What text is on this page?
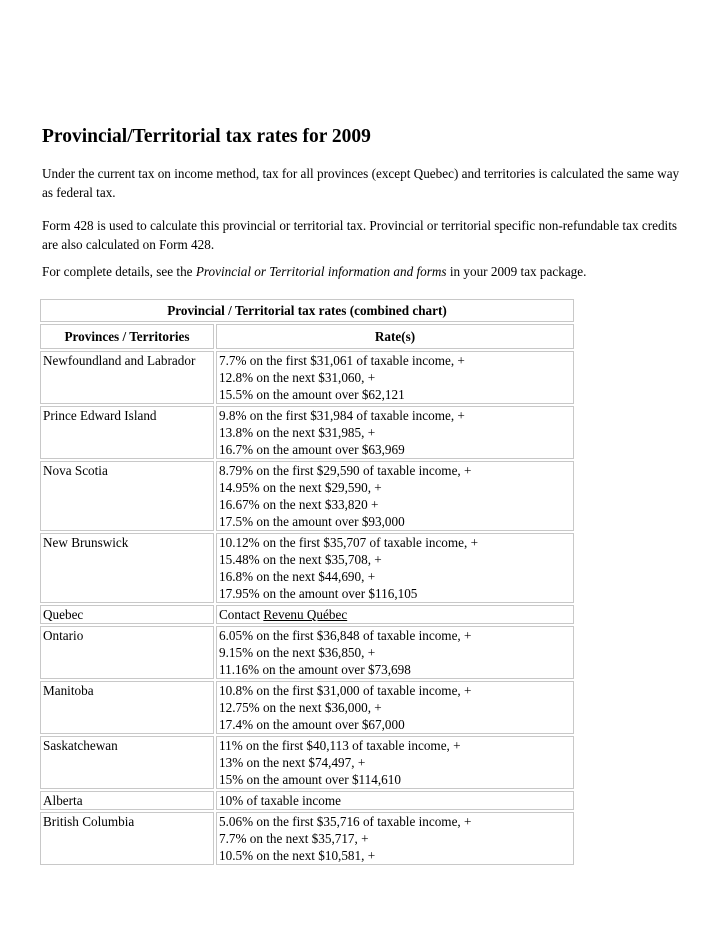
Provincial/Territorial tax rates for 2009

Under the current tax on income method, tax for all provinces (except Quebec) and territories is calculated the same way as federal tax.

Form 428 is used to calculate this provincial or territorial tax. Provincial or territorial specific non-refundable tax credits are also calculated on Form 428.

For complete details, see the Provincial or Territorial information and forms in your 2009 tax package.

Provincial / Territorial tax rates (combined chart)	
Provinces / Territories	Rate(s)
Newfoundland and Labrador	7.7% on the first $31,061 of taxable income, +
12.8% on the next $31,060, +
15.5% on the amount over $62,121

Prince Edward Island	9.8% on the first $31,984 of taxable income, +
13.8% on the next $31,985, +
16.7% on the amount over $63,969

Nova Scotia	8.79% on the first $29,590 of taxable income, +
14.95% on the next $29,590, +
16.67% on the next $33,820 +
17.5% on the amount over $93,000

New Brunswick	10.12% on the first $35,707 of taxable income, +
15.48% on the next $35,708, +
16.8% on the next $44,690, +
17.95% on the amount over $116,105

Quebec	Contact Revenu Québec
Ontario	6.05% on the first $36,848 of taxable income, +
9.15% on the next $36,850, +
11.16% on the amount over $73,698

Manitoba	10.8% on the first $31,000 of taxable income, +
12.75% on the next $36,000, +
17.4% on the amount over $67,000

Saskatchewan	11% on the first $40,113 of taxable income, +
13% on the next $74,497, +
15% on the amount over $114,610

Alberta	10% of taxable income

British Columbia	5.06% on the first $35,716 of taxable income, +
7.7% on the next $35,717, +
10.5% on the next $10,581, +
